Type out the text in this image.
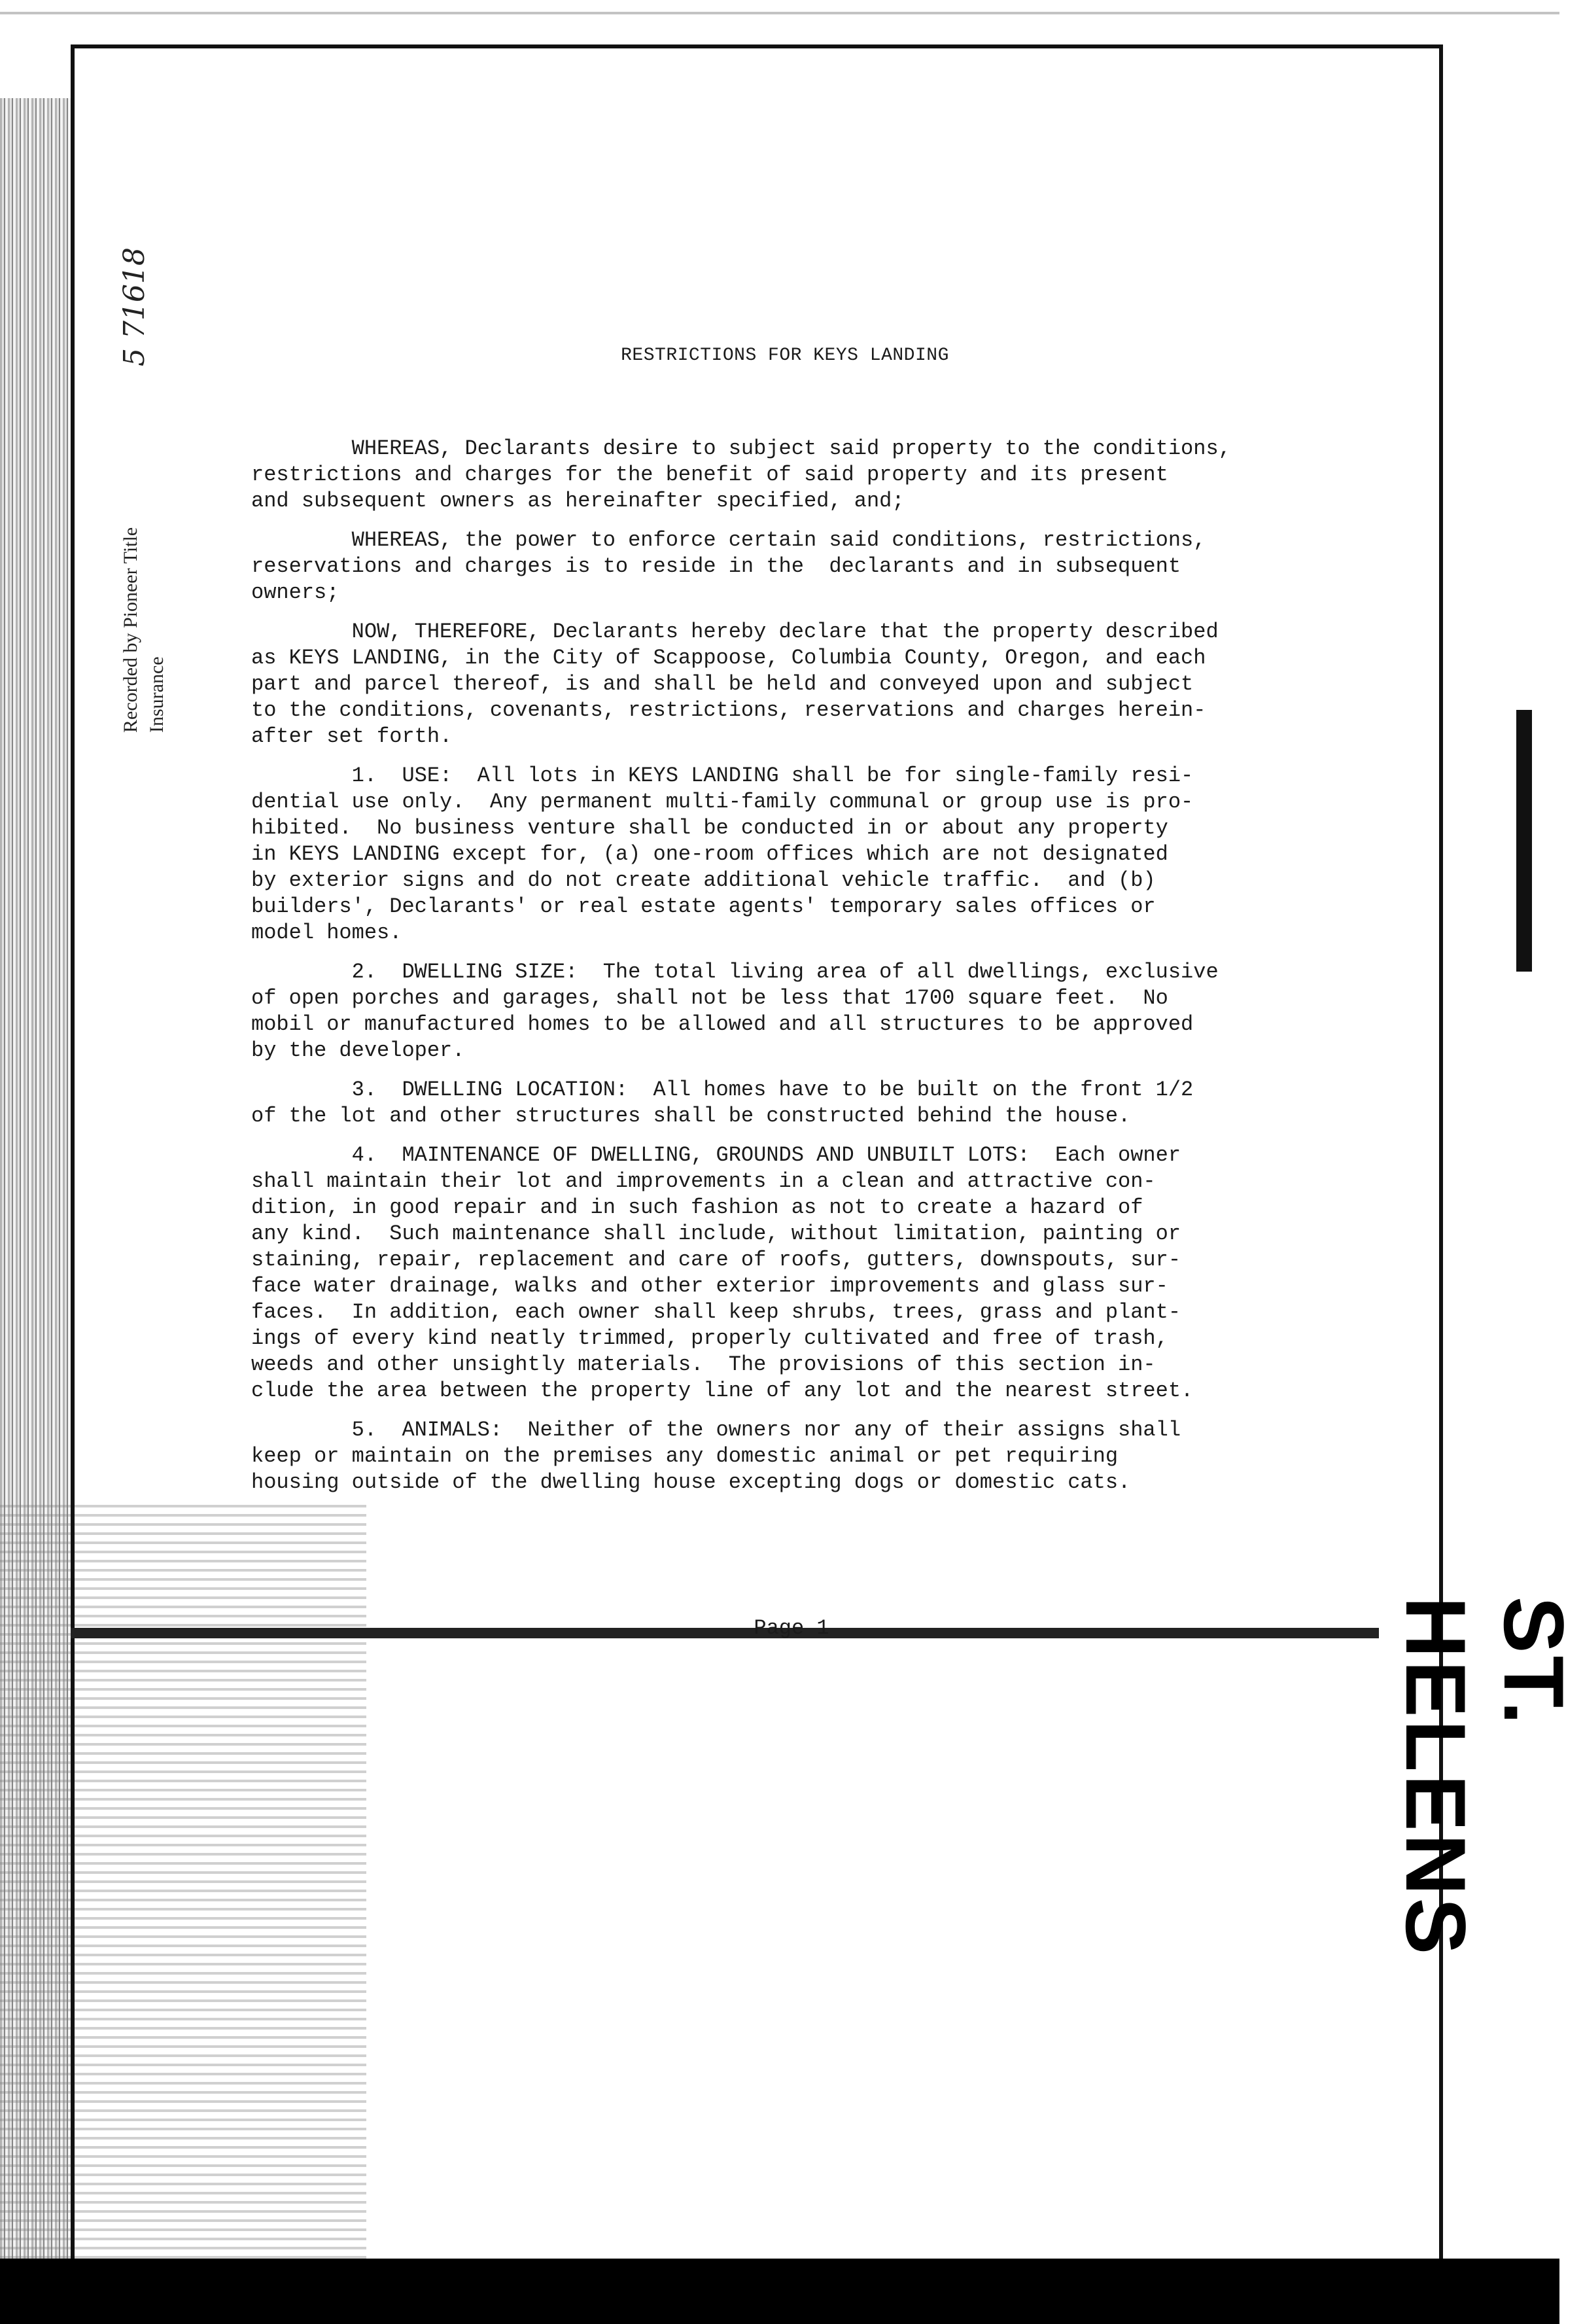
5 71618
Recorded by Pioneer Title Insurance
ST. HELENS
RESTRICTIONS FOR KEYS LANDING

WHEREAS, Declarants desire to subject said property to the conditions,
restrictions and charges for the benefit of said property and its present
and subsequent owners as hereinafter specified, and;

WHEREAS, the power to enforce certain said conditions, restrictions,
reservations and charges is to reside in the  declarants and in subsequent
owners;

NOW, THEREFORE, Declarants hereby declare that the property described
as KEYS LANDING, in the City of Scappoose, Columbia County, Oregon, and each
part and parcel thereof, is and shall be held and conveyed upon and subject
to the conditions, covenants, restrictions, reservations and charges herein-
after set forth.

1.  USE:  All lots in KEYS LANDING shall be for single-family resi-
dential use only.  Any permanent multi-family communal or group use is pro-
hibited.  No business venture shall be conducted in or about any property
in KEYS LANDING except for, (a) one-room offices which are not designated
by exterior signs and do not create additional vehicle traffic.  and (b)
builders', Declarants' or real estate agents' temporary sales offices or
model homes.

2.  DWELLING SIZE:  The total living area of all dwellings, exclusive
of open porches and garages, shall not be less that 1700 square feet.  No
mobil or manufactured homes to be allowed and all structures to be approved
by the developer.

3.  DWELLING LOCATION:  All homes have to be built on the front 1/2
of the lot and other structures shall be constructed behind the house.

4.  MAINTENANCE OF DWELLING, GROUNDS AND UNBUILT LOTS:  Each owner
shall maintain their lot and improvements in a clean and attractive con-
dition, in good repair and in such fashion as not to create a hazard of
any kind.  Such maintenance shall include, without limitation, painting or
staining, repair, replacement and care of roofs, gutters, downspouts, sur-
face water drainage, walks and other exterior improvements and glass sur-
faces.  In addition, each owner shall keep shrubs, trees, grass and plant-
ings of every kind neatly trimmed, properly cultivated and free of trash,
weeds and other unsightly materials.  The provisions of this section in-
clude the area between the property line of any lot and the nearest street.

5.  ANIMALS:  Neither of the owners nor any of their assigns shall
keep or maintain on the premises any domestic animal or pet requiring
housing outside of the dwelling house excepting dogs or domestic cats.

Page 1
